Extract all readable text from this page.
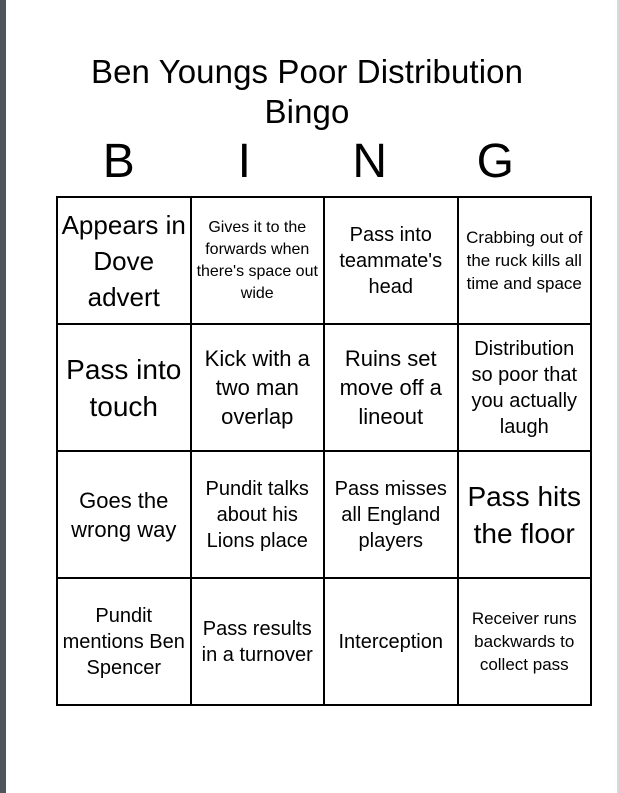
Ben Youngs Poor Distribution Bingo
B	I	N	G
Appears in Dove advert	Gives it to the forwards when there's space out wide	Pass into teammate's head	Crabbing out of the ruck kills all time and space
Pass into touch	Kick with a two man overlap	Ruins set move off a lineout	Distribution so poor that you actually laugh
Goes the wrong way	Pundit talks about his Lions place	Pass misses all England players	Pass hits the floor
Pundit mentions Ben Spencer	Pass results in a turnover	Interception	Receiver runs backwards to collect pass
